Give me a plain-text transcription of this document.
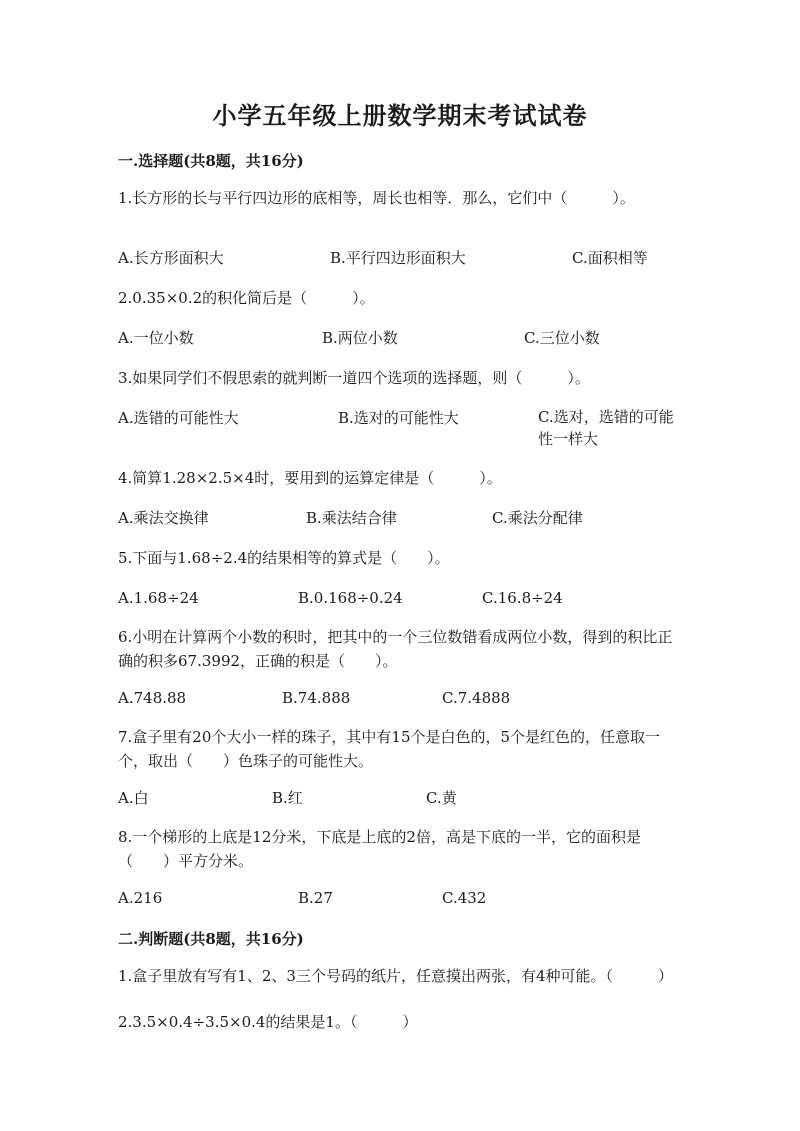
小学五年级上册数学期末考试试卷
一.选择题(共8题，共16分)
1.长方形的长与平行四边形的底相等，周长也相等．那么，它们中（　　　）。
A.长方形面积大	B.平行四边形面积大	C.面积相等
2.0.35×0.2的积化简后是（　　　）。
A.一位小数	B.两位小数	C.三位小数
3.如果同学们不假思索的就判断一道四个选项的选择题，则（　　　）。
A.选错的可能性大	B.选对的可能性大	C.选对，选错的可能性一样大
4.简算1.28×2.5×4时，要用到的运算定律是（　　　）。
A.乘法交换律	B.乘法结合律	C.乘法分配律
5.下面与1.68÷2.4的结果相等的算式是（　　）。
A.1.68÷24	B.0.168÷0.24	C.16.8÷24
6.小明在计算两个小数的积时，把其中的一个三位数错看成两位小数，得到的积比正确的积多67.3992，正确的积是（　　）。
A.748.88	B.74.888	C.7.4888
7.盒子里有20个大小一样的珠子，其中有15个是白色的，5个是红色的，任意取一个，取出（　　）色珠子的可能性大。
A.白	B.红	C.黄
8.一个梯形的上底是12分米，下底是上底的2倍，高是下底的一半，它的面积是（　　）平方分米。
A.216	B.27	C.432
二.判断题(共8题，共16分)
1.盒子里放有写有1、2、3三个号码的纸片，任意摸出两张，有4种可能。（　　　）
2.3.5×0.4÷3.5×0.4的结果是1。（　　　）
